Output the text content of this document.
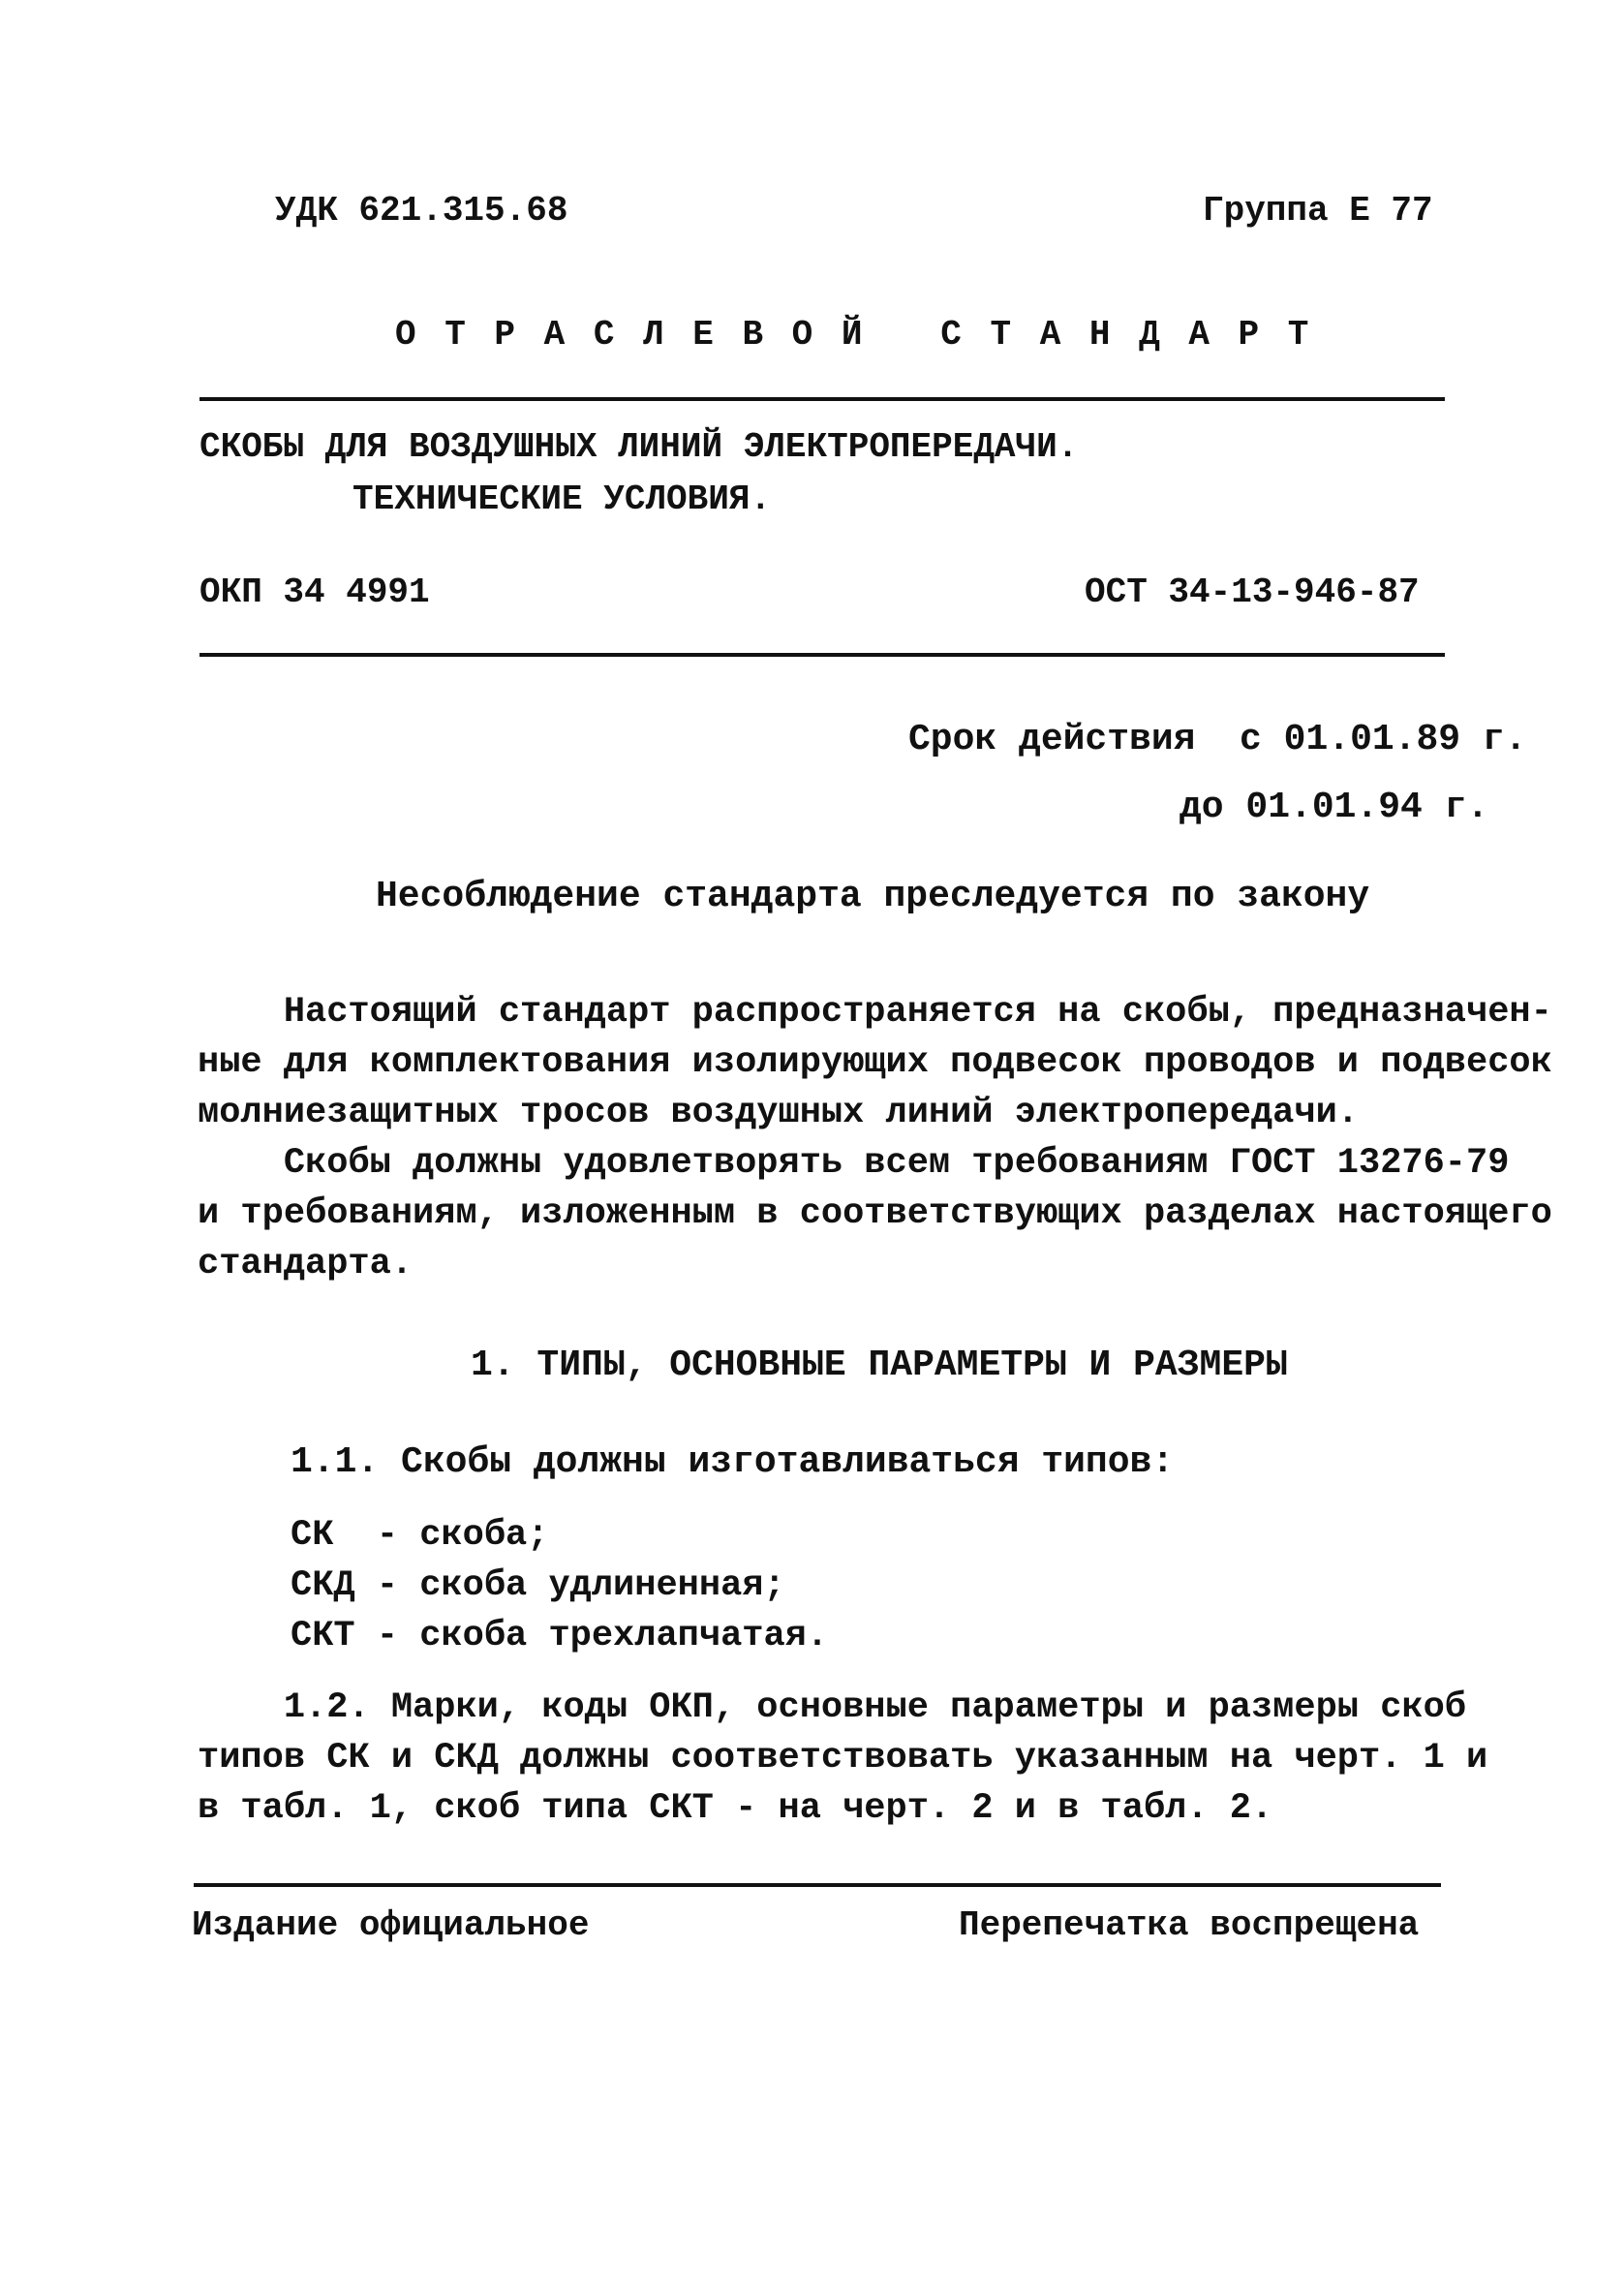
УДК 621.315.68	Группа Е 77
О Т Р А С Л Е В О Й   С Т А Н Д А Р Т
СКОБЫ ДЛЯ ВОЗДУШНЫХ ЛИНИЙ ЭЛЕКТРОПЕРЕДАЧИ.
ТЕХНИЧЕСКИЕ УСЛОВИЯ.
ОКП 34 4991	ОСТ 34-13-946-87
Срок действия  с 01.01.89 г.
до 01.01.94 г.
Несоблюдение стандарта преследуется по закону
Настоящий стандарт распространяется на скобы, предназначен-
ные для комплектования изолирующих подвесок проводов и подвесок
молниезащитных тросов воздушных линий электропередачи.
Скобы должны удовлетворять всем требованиям ГОСТ 13276-79
и требованиям, изложенным в соответствующих разделах настоящего
стандарта.
1. ТИПЫ, ОСНОВНЫЕ ПАРАМЕТРЫ И РАЗМЕРЫ
1.1. Скобы должны изготавливаться типов:
СК  - скоба;
СКД - скоба удлиненная;
СКТ - скоба трехлапчатая.
1.2. Марки, коды ОКП, основные параметры и размеры скоб
типов СК и СКД должны соответствовать указанным на черт. 1 и
в табл. 1, скоб типа СКТ - на черт. 2 и в табл. 2.
Издание официальное	Перепечатка воспрещена
